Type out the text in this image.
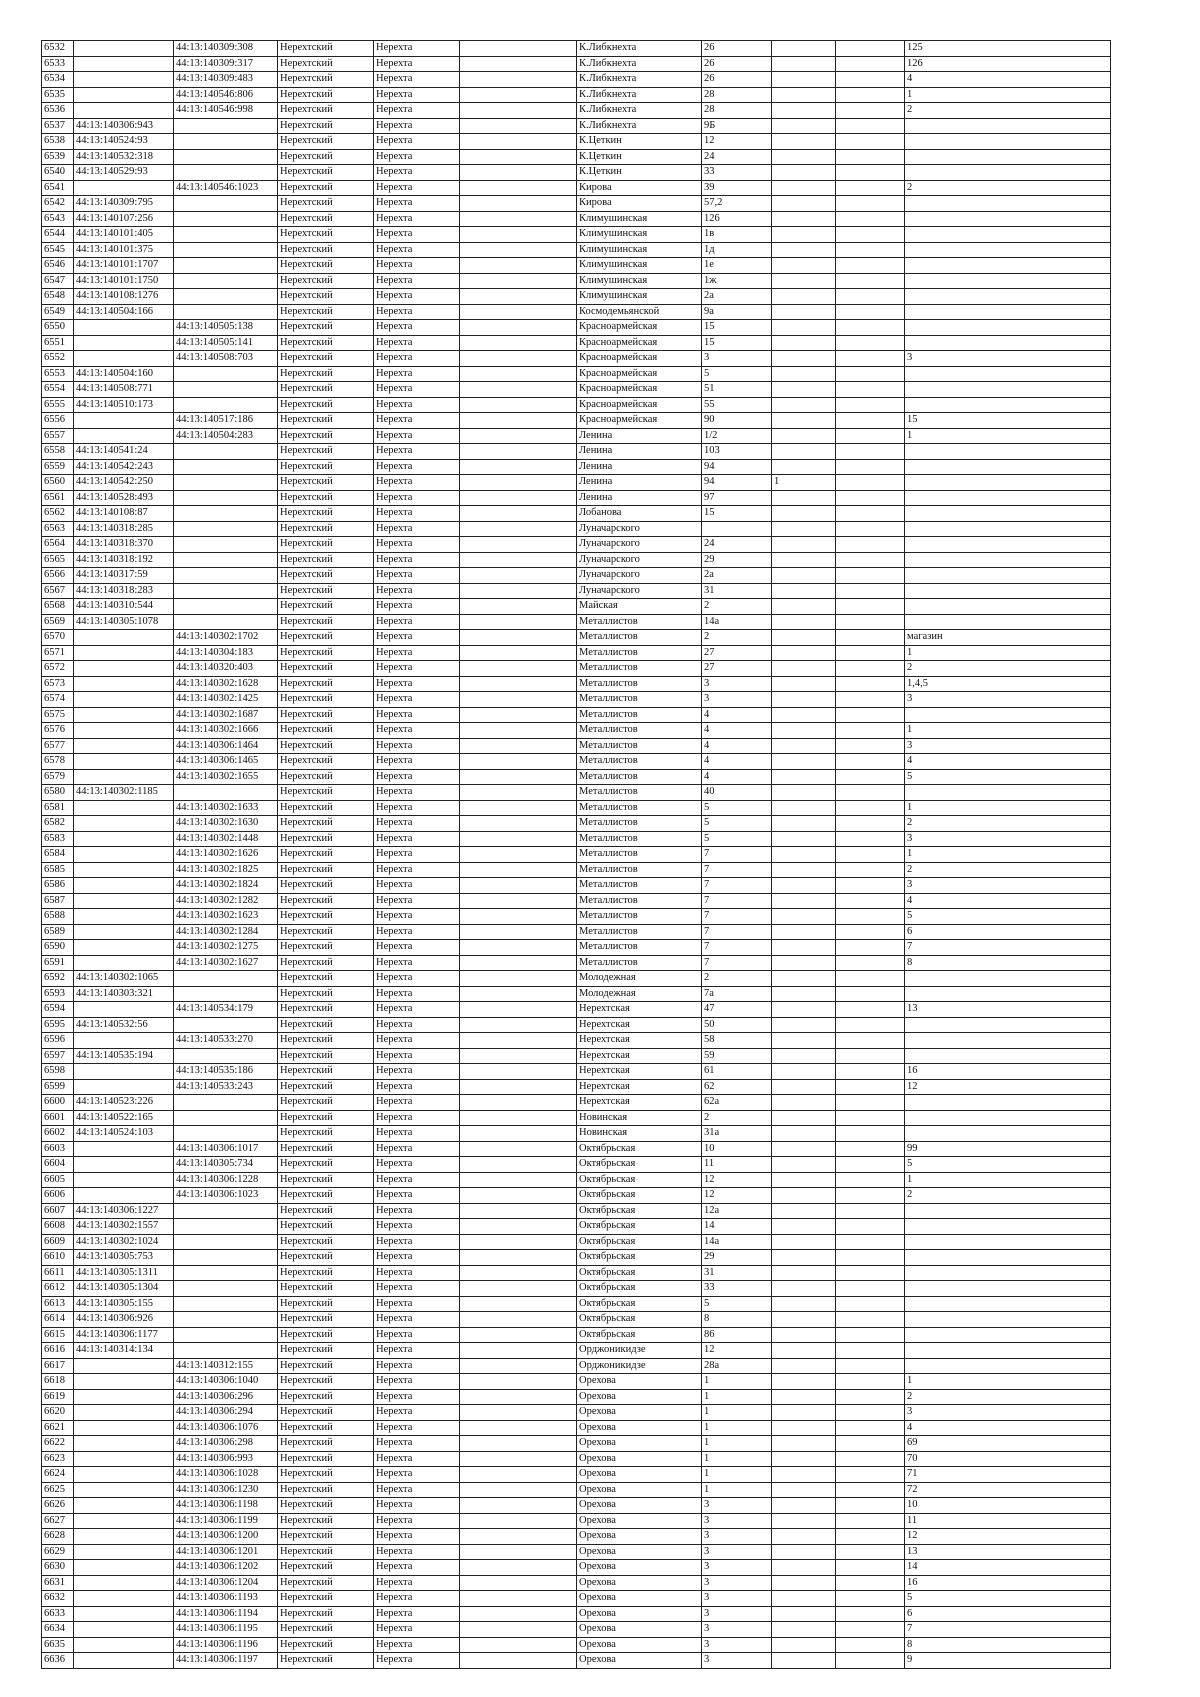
6532		44:13:140309:308	Нерехтский	Нерехта		К.Либкнехта	26			125
6533		44:13:140309:317	Нерехтский	Нерехта		К.Либкнехта	26			126
6534		44:13:140309:483	Нерехтский	Нерехта		К.Либкнехта	26			4
6535		44:13:140546:806	Нерехтский	Нерехта		К.Либкнехта	28			1
6536		44:13:140546:998	Нерехтский	Нерехта		К.Либкнехта	28			2
6537	44:13:140306:943		Нерехтский	Нерехта		К.Либкнехта	9Б			
6538	44:13:140524:93		Нерехтский	Нерехта		К.Цеткин	12			
6539	44:13:140532:318		Нерехтский	Нерехта		К.Цеткин	24			
6540	44:13:140529:93		Нерехтский	Нерехта		К.Цеткин	33			
6541		44:13:140546:1023	Нерехтский	Нерехта		Кирова	39			2
6542	44:13:140309:795		Нерехтский	Нерехта		Кирова	57,2			
6543	44:13:140107:256		Нерехтский	Нерехта		Климушинская	126			
6544	44:13:140101:405		Нерехтский	Нерехта		Климушинская	1в			
6545	44:13:140101:375		Нерехтский	Нерехта		Климушинская	1д			
6546	44:13:140101:1707		Нерехтский	Нерехта		Климушинская	1е			
6547	44:13:140101:1750		Нерехтский	Нерехта		Климушинская	1ж			
6548	44:13:140108:1276		Нерехтский	Нерехта		Климушинская	2а			
6549	44:13:140504:166		Нерехтский	Нерехта		Космодемьянской	9а			
6550		44:13:140505:138	Нерехтский	Нерехта		Красноармейская	15			
6551		44:13:140505:141	Нерехтский	Нерехта		Красноармейская	15			
6552		44:13:140508:703	Нерехтский	Нерехта		Красноармейская	3			3
6553	44:13:140504:160		Нерехтский	Нерехта		Красноармейская	5			
6554	44:13:140508:771		Нерехтский	Нерехта		Красноармейская	51			
6555	44:13:140510:173		Нерехтский	Нерехта		Красноармейская	55			
6556		44:13:140517:186	Нерехтский	Нерехта		Красноармейская	90			15
6557		44:13:140504:283	Нерехтский	Нерехта		Ленина	1/2			1
6558	44:13:140541:24		Нерехтский	Нерехта		Ленина	103			
6559	44:13:140542:243		Нерехтский	Нерехта		Ленина	94			
6560	44:13:140542:250		Нерехтский	Нерехта		Ленина	94	1		
6561	44:13:140528:493		Нерехтский	Нерехта		Ленина	97			
6562	44:13:140108:87		Нерехтский	Нерехта		Лобанова	15			
6563	44:13:140318:285		Нерехтский	Нерехта		Луначарского				
6564	44:13:140318:370		Нерехтский	Нерехта		Луначарского	24			
6565	44:13:140318:192		Нерехтский	Нерехта		Луначарского	29			
6566	44:13:140317:59		Нерехтский	Нерехта		Луначарского	2а			
6567	44:13:140318:283		Нерехтский	Нерехта		Луначарского	31			
6568	44:13:140310:544		Нерехтский	Нерехта		Майская	2			
6569	44:13:140305:1078		Нерехтский	Нерехта		Металлистов	14а			
6570		44:13:140302:1702	Нерехтский	Нерехта		Металлистов	2			магазин
6571		44:13:140304:183	Нерехтский	Нерехта		Металлистов	27			1
6572		44:13:140320:403	Нерехтский	Нерехта		Металлистов	27			2
6573		44:13:140302:1628	Нерехтский	Нерехта		Металлистов	3			1,4,5
6574		44:13:140302:1425	Нерехтский	Нерехта		Металлистов	3			3
6575		44:13:140302:1687	Нерехтский	Нерехта		Металлистов	4			
6576		44:13:140302:1666	Нерехтский	Нерехта		Металлистов	4			1
6577		44:13:140306:1464	Нерехтский	Нерехта		Металлистов	4			3
6578		44:13:140306:1465	Нерехтский	Нерехта		Металлистов	4			4
6579		44:13:140302:1655	Нерехтский	Нерехта		Металлистов	4			5
6580	44:13:140302:1185		Нерехтский	Нерехта		Металлистов	40			
6581		44:13:140302:1633	Нерехтский	Нерехта		Металлистов	5			1
6582		44:13:140302:1630	Нерехтский	Нерехта		Металлистов	5			2
6583		44:13:140302:1448	Нерехтский	Нерехта		Металлистов	5			3
6584		44:13:140302:1626	Нерехтский	Нерехта		Металлистов	7			1
6585		44:13:140302:1825	Нерехтский	Нерехта		Металлистов	7			2
6586		44:13:140302:1824	Нерехтский	Нерехта		Металлистов	7			3
6587		44:13:140302:1282	Нерехтский	Нерехта		Металлистов	7			4
6588		44:13:140302:1623	Нерехтский	Нерехта		Металлистов	7			5
6589		44:13:140302:1284	Нерехтский	Нерехта		Металлистов	7			6
6590		44:13:140302:1275	Нерехтский	Нерехта		Металлистов	7			7
6591		44:13:140302:1627	Нерехтский	Нерехта		Металлистов	7			8
6592	44:13:140302:1065		Нерехтский	Нерехта		Молодежная	2			
6593	44:13:140303:321		Нерехтский	Нерехта		Молодежная	7а			
6594		44:13:140534:179	Нерехтский	Нерехта		Нерехтская	47			13
6595	44:13:140532:56		Нерехтский	Нерехта		Нерехтская	50			
6596		44:13:140533:270	Нерехтский	Нерехта		Нерехтская	58			
6597	44:13:140535:194		Нерехтский	Нерехта		Нерехтская	59			
6598		44:13:140535:186	Нерехтский	Нерехта		Нерехтская	61			16
6599		44:13:140533:243	Нерехтский	Нерехта		Нерехтская	62			12
6600	44:13:140523:226		Нерехтский	Нерехта		Нерехтская	62а			
6601	44:13:140522:165		Нерехтский	Нерехта		Новинская	2			
6602	44:13:140524:103		Нерехтский	Нерехта		Новинская	31а			
6603		44:13:140306:1017	Нерехтский	Нерехта		Октябрьская	10			99
6604		44:13:140305:734	Нерехтский	Нерехта		Октябрьская	11			5
6605		44:13:140306:1228	Нерехтский	Нерехта		Октябрьская	12			1
6606		44:13:140306:1023	Нерехтский	Нерехта		Октябрьская	12			2
6607	44:13:140306:1227		Нерехтский	Нерехта		Октябрьская	12а			
6608	44:13:140302:1557		Нерехтский	Нерехта		Октябрьская	14			
6609	44:13:140302:1024		Нерехтский	Нерехта		Октябрьская	14а			
6610	44:13:140305:753		Нерехтский	Нерехта		Октябрьская	29			
6611	44:13:140305:1311		Нерехтский	Нерехта		Октябрьская	31			
6612	44:13:140305:1304		Нерехтский	Нерехта		Октябрьская	33			
6613	44:13:140305:155		Нерехтский	Нерехта		Октябрьская	5			
6614	44:13:140306:926		Нерехтский	Нерехта		Октябрьская	8			
6615	44:13:140306:1177		Нерехтский	Нерехта		Октябрьская	86			
6616	44:13:140314:134		Нерехтский	Нерехта		Орджоникидзе	12			
6617		44:13:140312:155	Нерехтский	Нерехта		Орджоникидзе	28а			
6618		44:13:140306:1040	Нерехтский	Нерехта		Орехова	1			1
6619		44:13:140306:296	Нерехтский	Нерехта		Орехова	1			2
6620		44:13:140306:294	Нерехтский	Нерехта		Орехова	1			3
6621		44:13:140306:1076	Нерехтский	Нерехта		Орехова	1			4
6622		44:13:140306:298	Нерехтский	Нерехта		Орехова	1			69
6623		44:13:140306:993	Нерехтский	Нерехта		Орехова	1			70
6624		44:13:140306:1028	Нерехтский	Нерехта		Орехова	1			71
6625		44:13:140306:1230	Нерехтский	Нерехта		Орехова	1			72
6626		44:13:140306:1198	Нерехтский	Нерехта		Орехова	3			10
6627		44:13:140306:1199	Нерехтский	Нерехта		Орехова	3			11
6628		44:13:140306:1200	Нерехтский	Нерехта		Орехова	3			12
6629		44:13:140306:1201	Нерехтский	Нерехта		Орехова	3			13
6630		44:13:140306:1202	Нерехтский	Нерехта		Орехова	3			14
6631		44:13:140306:1204	Нерехтский	Нерехта		Орехова	3			16
6632		44:13:140306:1193	Нерехтский	Нерехта		Орехова	3			5
6633		44:13:140306:1194	Нерехтский	Нерехта		Орехова	3			6
6634		44:13:140306:1195	Нерехтский	Нерехта		Орехова	3			7
6635		44:13:140306:1196	Нерехтский	Нерехта		Орехова	3			8
6636		44:13:140306:1197	Нерехтский	Нерехта		Орехова	3			9
